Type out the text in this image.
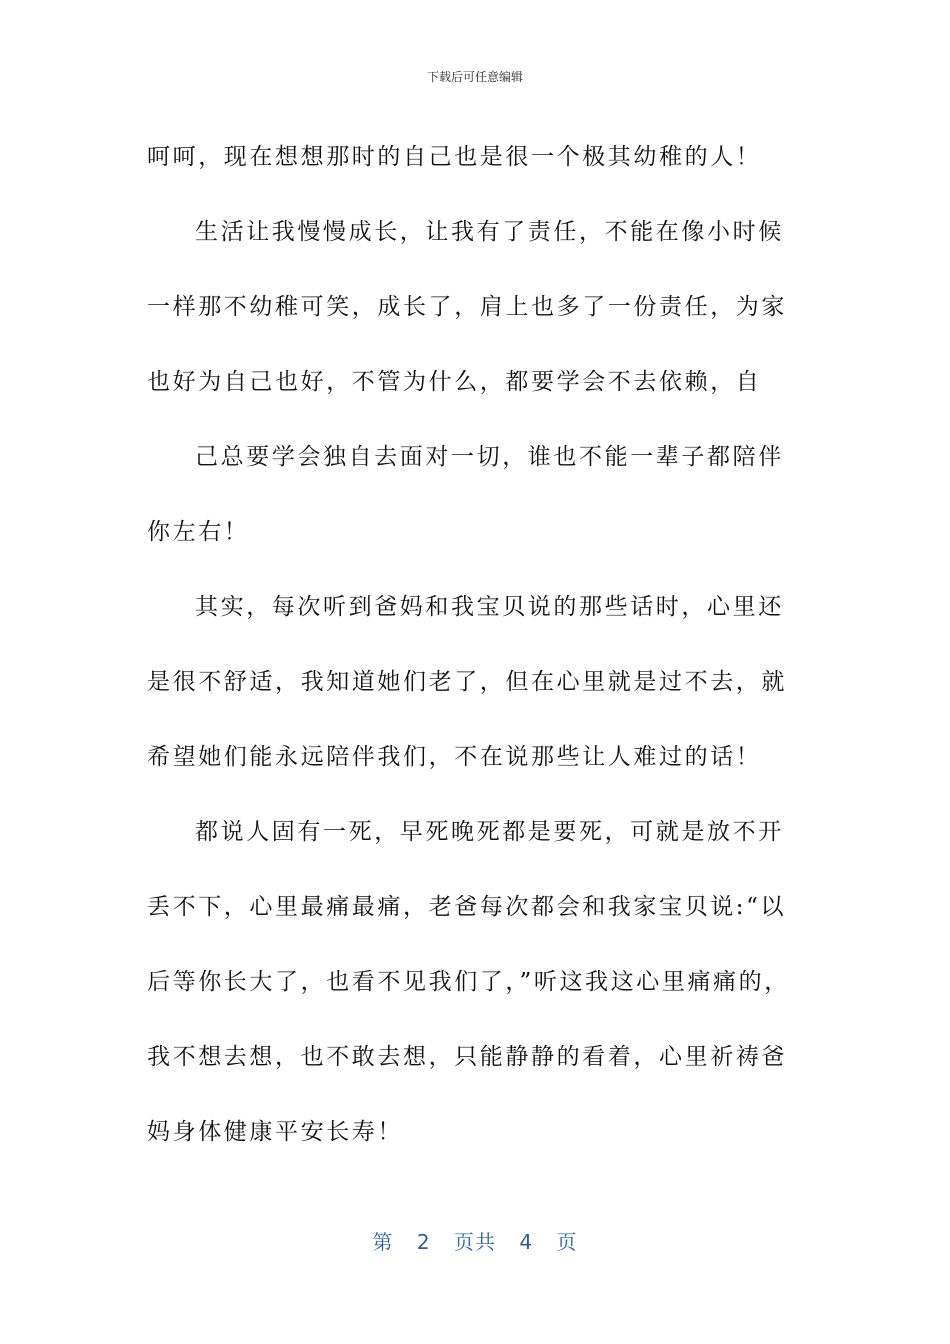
下载后可任意编辑

呵呵，现在想想那时的自己也是很一个极其幼稚的人！

生活让我慢慢成长，让我有了责任，不能在像小时候一样那不幼稚可笑，成长了，肩上也多了一份责任，为家也好为自己也好，不管为什么，都要学会不去依赖，自

己总要学会独自去面对一切，谁也不能一辈子都陪伴你左右！

其实，每次听到爸妈和我宝贝说的那些话时，心里还是很不舒适，我知道她们老了，但在心里就是过不去，就希望她们能永远陪伴我们，不在说那些让人难过的话！

都说人固有一死，早死晚死都是要死，可就是放不开丢不下，心里最痛最痛，老爸每次都会和我家宝贝说:“以后等你长大了，也看不见我们了，”听这我这心里痛痛的，我不想去想，也不敢去想，只能静静的看着，心里祈祷爸妈身体健康平安长寿！

第 2 页共 4 页
